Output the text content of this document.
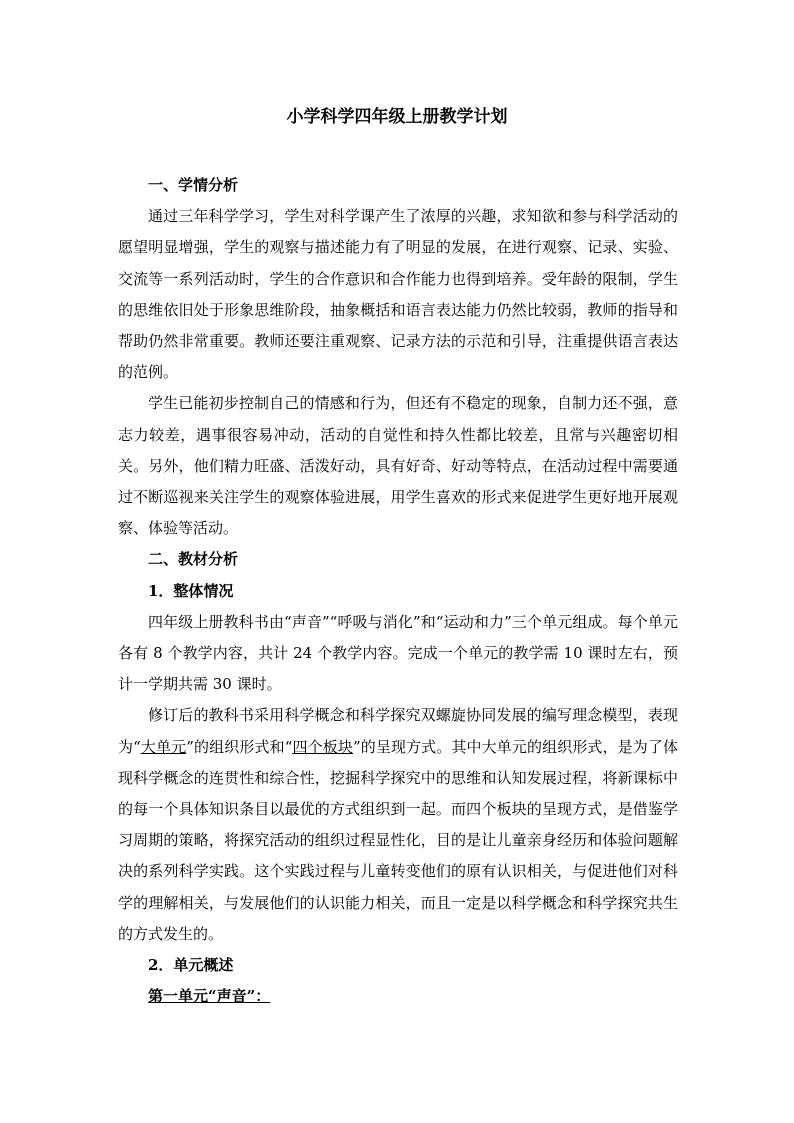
小学科学四年级上册教学计划

一、学情分析

通过三年科学学习，学生对科学课产生了浓厚的兴趣，求知欲和参与科学活动的愿望明显增强，学生的观察与描述能力有了明显的发展，在进行观察、记录、实验、交流等一系列活动时，学生的合作意识和合作能力也得到培养。受年龄的限制，学生的思维依旧处于形象思维阶段，抽象概括和语言表达能力仍然比较弱，教师的指导和帮助仍然非常重要。教师还要注重观察、记录方法的示范和引导，注重提供语言表达的范例。

学生已能初步控制自己的情感和行为，但还有不稳定的现象，自制力还不强，意志力较差，遇事很容易冲动，活动的自觉性和持久性都比较差，且常与兴趣密切相关。另外，他们精力旺盛、活泼好动，具有好奇、好动等特点，在活动过程中需要通过不断巡视来关注学生的观察体验进展，用学生喜欢的形式来促进学生更好地开展观察、体验等活动。

二、教材分析

1．整体情况

四年级上册教科书由“声音”“呼吸与消化”和“运动和力”三个单元组成。每个单元各有 8 个教学内容，共计 24 个教学内容。完成一个单元的教学需 10 课时左右，预计一学期共需 30 课时。

修订后的教科书采用科学概念和科学探究双螺旋协同发展的编写理念模型，表现为“大单元”的组织形式和“四个板块”的呈现方式。其中大单元的组织形式，是为了体现科学概念的连贯性和综合性，挖掘科学探究中的思维和认知发展过程，将新课标中的每一个具体知识条目以最优的方式组织到一起。而四个板块的呈现方式，是借鉴学习周期的策略，将探究活动的组织过程显性化，目的是让儿童亲身经历和体验问题解决的系列科学实践。这个实践过程与儿童转变他们的原有认识相关，与促进他们对科学的理解相关，与发展他们的认识能力相关，而且一定是以科学概念和科学探究共生的方式发生的。

2．单元概述

第一单元“声音”：
